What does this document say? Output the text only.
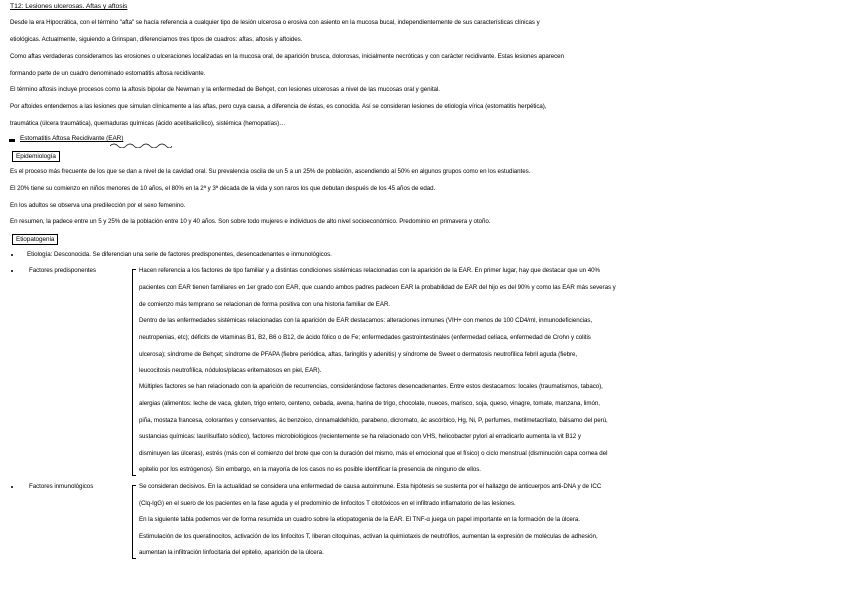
T12: Lesiones ulcerosas. Aftas y aftosis
Desde la era Hipocrática, con el término "afta" se hacía referencia a cualquier tipo de lesión ulcerosa o erosiva con asiento en la mucosa bucal, independientemente de sus características clínicas y
etiológicas. Actualmente, siguiendo a Grinspan, diferenciamos tres tipos de cuadros: aftas, aftosis y aftoides.
Como aftas verdaderas consideramos las erosiones o ulceraciones localizadas en la mucosa oral, de aparición brusca, dolorosas, inicialmente necróticas y con carácter recidivante. Estas lesiones aparecen
formando parte de un cuadro denominado estomatitis aftosa recidivante.
El término aftosis incluye procesos como la aftosis bipolar de Newman y la enfermedad de Behçet, con lesiones ulcerosas a nivel de las mucosas oral y genital.
Por aftoides entendemos a las lesiones que simulan clínicamente a las aftas, pero cuya causa, a diferencia de éstas, es conocida. Así se consideran lesiones de etiología vírica (estomatitis herpética),
traumática (úlcera traumática), quemaduras químicas (ácido acetilsalicílico), sistémica (hemopatías)…
Estomatitis Aftosa Recidivante (EAR)
Epidemiología
Es el proceso más frecuente de los que se dan a nivel de la cavidad oral. Su prevalencia oscila de un 5 a un 25% de población, ascendiendo al 50% en algunos grupos como en los estudiantes.
El 20% tiene su comienzo en niños menores de 10 años, el 80% en la 2ª y 3ª década de la vida y son raros los que debutan después de los 45 años de edad.
En los adultos se observa una predilección por el sexo femenino.
En resumen, la padece entre un 5 y 25% de la población entre 10 y 40 años. Son sobre todo mujeres e individuos de alto nivel socioeconómico. Predominio en primavera y otoño.
Etiopatogenia
Etiología: Desconocida. Se diferencian una serie de factores predisponentes, desencadenantes e inmunológicos.
Factores predisponentes	Hacen referencia a los factores de tipo familiar y a distintas condiciones sistémicas relacionadas con la aparición de la EAR. En primer lugar, hay que destacar que un 40%
pacientes con EAR tienen familiares en 1er grado con EAR, que cuando ambos padres padecen EAR la probabilidad de EAR del hijo es del 90% y como las EAR más severas y
de comienzo más temprano se relacionan de forma positiva con una historia familiar de EAR.
Dentro de las enfermedades sistémicas relacionadas con la aparición de EAR destacamos: alteraciones inmunes (VIH+ con menos de 100 CD4/ml, inmunodeficiencias,
neutropenias, etc); déficits de vitaminas B1, B2, B6 o B12, de ácido fólico o de Fe; enfermedades gastrointestinales (enfermedad celíaca, enfermedad de Crohn y colitis
ulcerosa); síndrome de Behçet; síndrome de PFAPA (fiebre periódica, aftas, faringitis y adenitis) y síndrome de Sweet o dermatosis neutrofílica febril aguda (fiebre,
leucocitosis neutrofílica, nódulos/placas eritematosos en piel, EAR).
Múltiples factores se han relacionado con la aparición de recurrencias, considerándose factores desencadenantes. Entre estos destacamos: locales (traumatismos, tabaco),
alergias (alimentos: leche de vaca, gluten, trigo entero, centeno, cebada, avena, harina de trigo, chocolate, nueces, marisco, soja, queso, vinagre, tomate, manzana, limón,
piña, mostaza francesa, colorantes y conservantes, ác benzoico, cinnamaldehído, parabeno, dicromato, ác ascórbico, Hg, Ni, P, perfumes, metilmetacrilato, bálsamo del perú,
sustancias químicas: laurilsulfato sódico), factores microbiológicos (recientemente se ha relacionado con VHS, helicobacter pylori al erradicarlo aumenta la vit B12 y
disminuyen las úlceras), estrés (más con el comienzo del brote que con la duración del mismo, más el emocional que el físico) o ciclo menstrual (disminución capa cornea del
epitelio por los estrógenos). Sin embargo, en la mayoría de los casos no es posible identificar la presencia de ninguno de ellos.
Factores inmunológicos	Se consideran decisivos. En la actualidad se considera una enfermedad de causa autoinmune. Esta hipótesis se sustenta por el hallazgo de anticuerpos anti-DNA y de ICC
(Clq-IgG) en el suero de los pacientes en la fase aguda y el predominio de linfocitos T citotóxicos en el infiltrado inflamatorio de las lesiones.
En la siguiente tabla podemos ver de forma resumida un cuadro sobre la etiopatogenia de la EAR. El TNF-α juega un papel importante en la formación de la úlcera.
Estimulación de los queratinocitos, activación de los linfocitos T, liberan citoquinas, activan la quimiotaxis de neutrófilos, aumentan la expresión de moléculas de adhesión,
aumentan la infiltración linfocitaria del epitelio, aparición de la úlcera.
